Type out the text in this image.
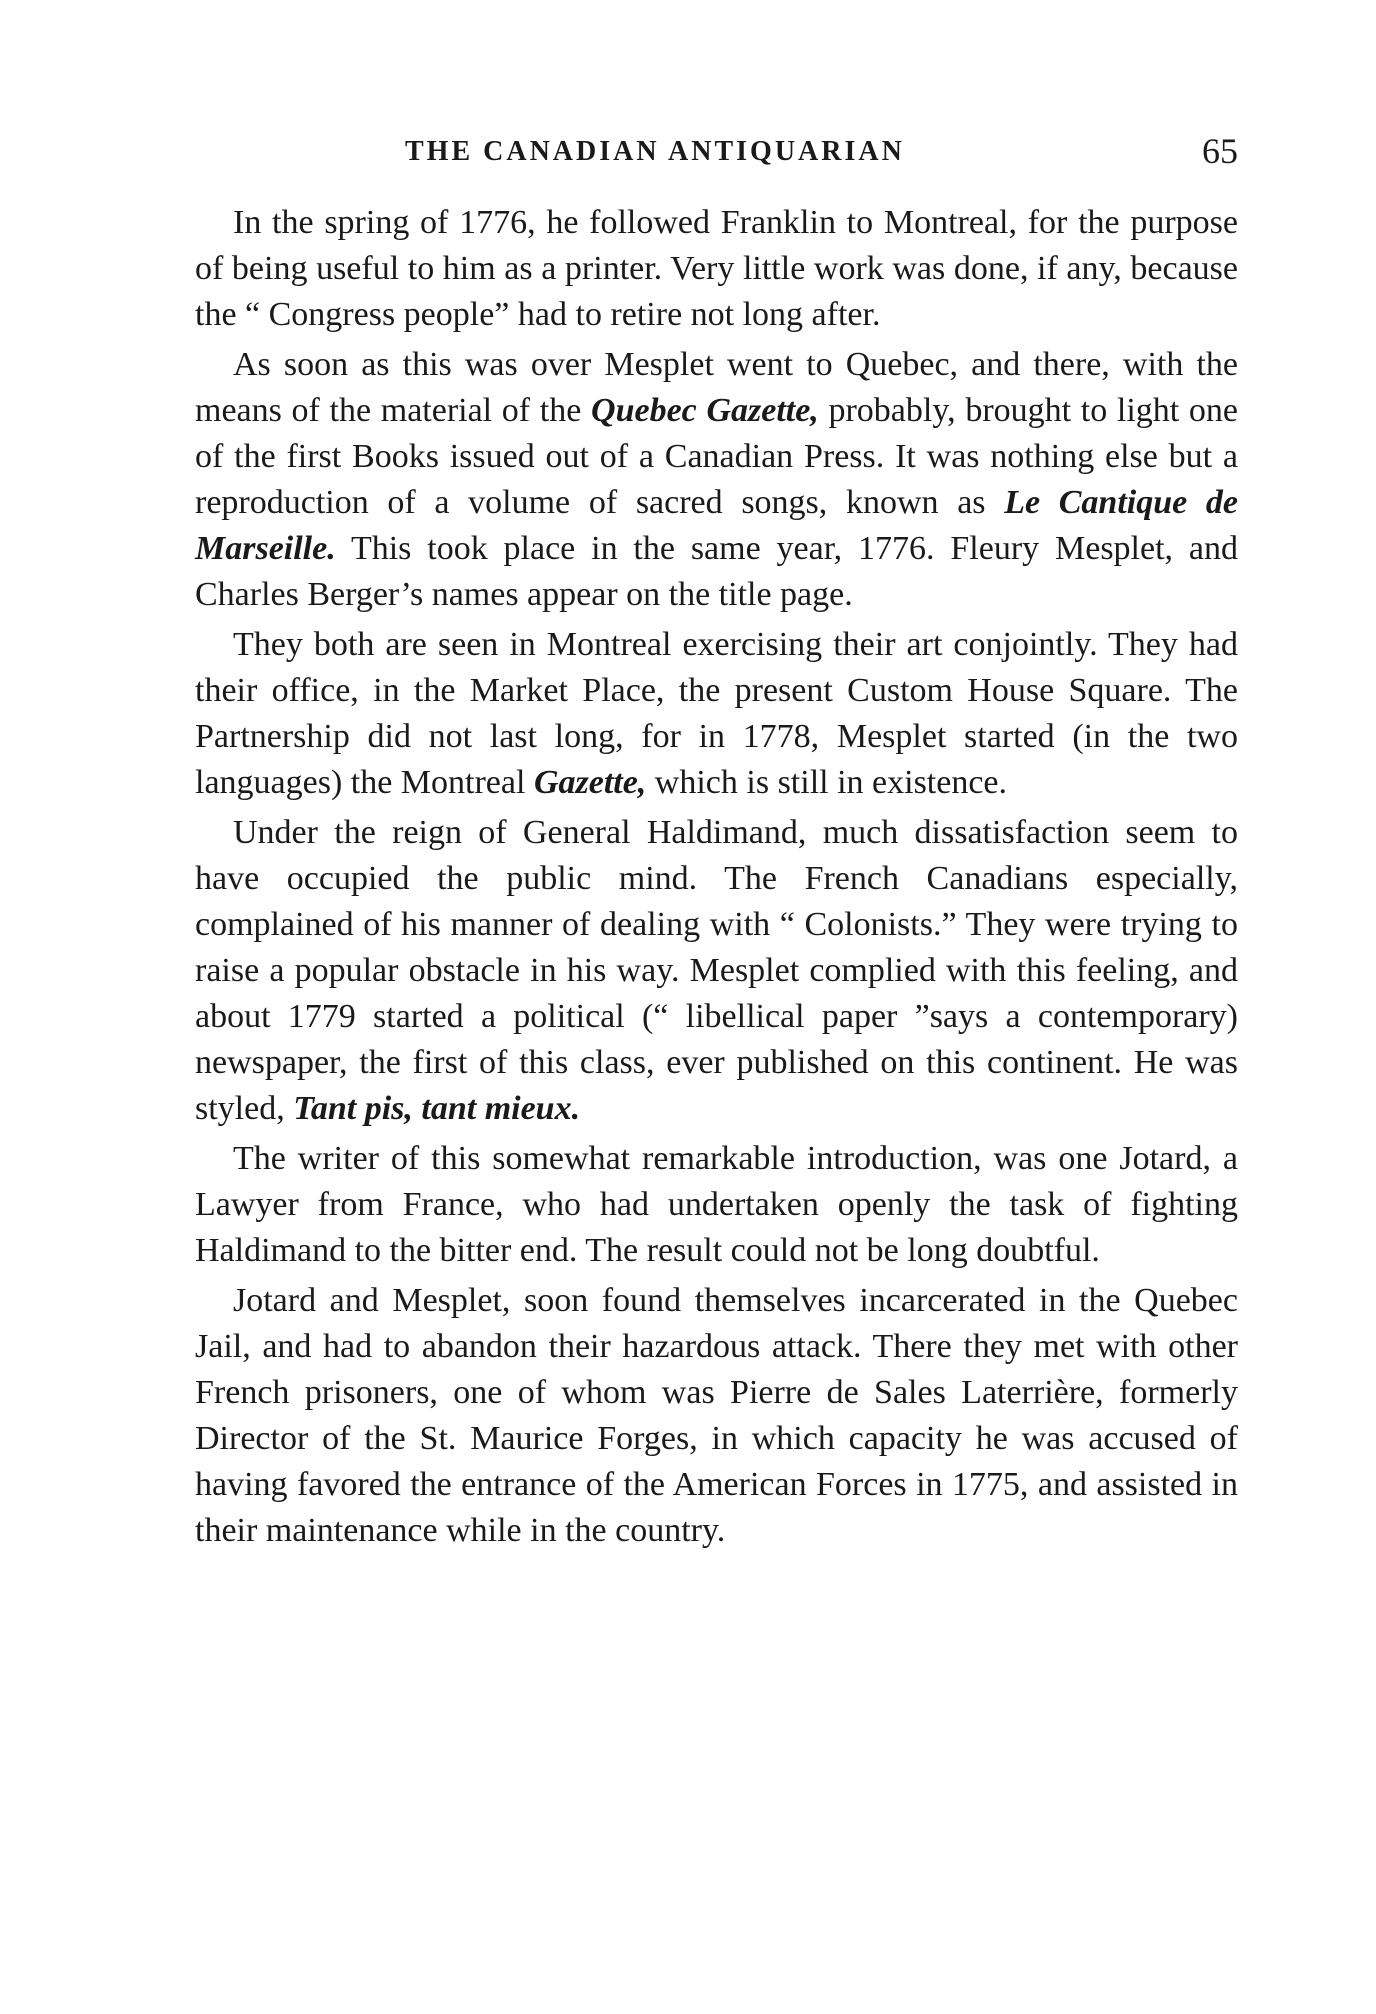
THE CANADIAN ANTIQUARIAN	65

In the spring of 1776, he followed Franklin to Montreal, for the purpose of being useful to him as a printer. Very little work was done, if any, because the “ Congress people” had to retire not long after.

As soon as this was over Mesplet went to Quebec, and there, with the means of the material of the Quebec Gazette, probably, brought to light one of the first Books issued out of a Canadian Press. It was nothing else but a reproduction of a volume of sacred songs, known as Le Cantique de Marseille. This took place in the same year, 1776. Fleury Mesplet, and Charles Berger’s names appear on the title page.

They both are seen in Montreal exercising their art conjointly. They had their office, in the Market Place, the present Custom House Square. The Partnership did not last long, for in 1778, Mesplet started (in the two languages) the Montreal Gazette, which is still in existence.

Under the reign of General Haldimand, much dissatisfaction seem to have occupied the public mind. The French Canadians especially, complained of his manner of dealing with “ Colonists.” They were trying to raise a popular obstacle in his way. Mesplet complied with this feeling, and about 1779 started a political (“ libellical paper ”says a contemporary) newspaper, the first of this class, ever published on this continent. He was styled, Tant pis, tant mieux.

The writer of this somewhat remarkable introduction, was one Jotard, a Lawyer from France, who had undertaken openly the task of fighting Haldimand to the bitter end. The result could not be long doubtful.

Jotard and Mesplet, soon found themselves incarcerated in the Quebec Jail, and had to abandon their hazardous attack. There they met with other French prisoners, one of whom was Pierre de Sales Laterrière, formerly Director of the St. Maurice Forges, in which capacity he was accused of having favored the entrance of the American Forces in 1775, and assisted in their maintenance while in the country.
